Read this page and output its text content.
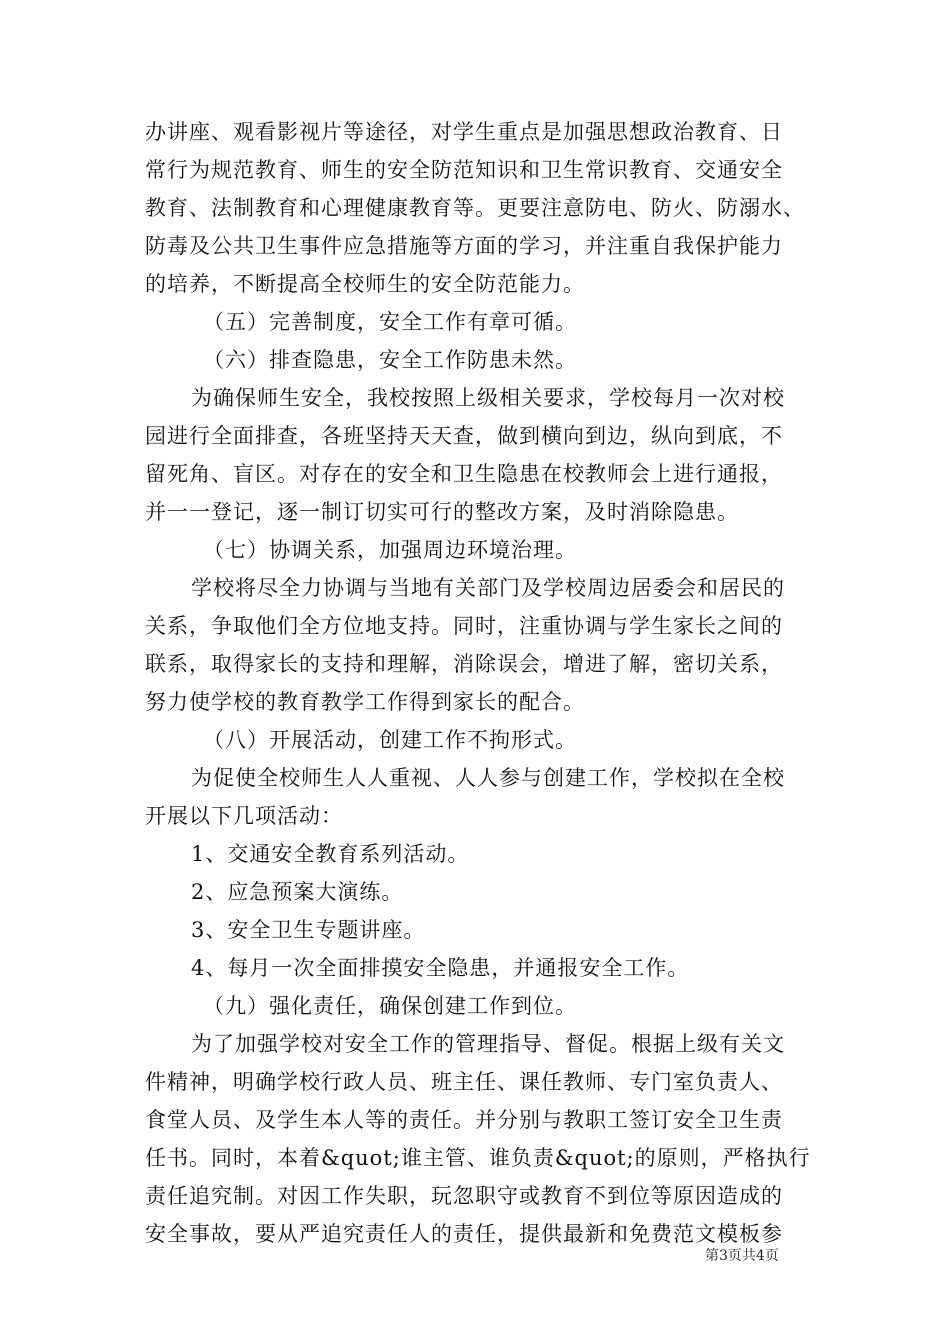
办讲座、观看影视片等途径，对学生重点是加强思想政治教育、日
常行为规范教育、师生的安全防范知识和卫生常识教育、交通安全
教育、法制教育和心理健康教育等。更要注意防电、防火、防溺水、
防毒及公共卫生事件应急措施等方面的学习，并注重自我保护能力
的培养，不断提高全校师生的安全防范能力。
（五）完善制度，安全工作有章可循。
（六）排查隐患，安全工作防患未然。
为确保师生安全，我校按照上级相关要求，学校每月一次对校
园进行全面排查，各班坚持天天查，做到横向到边，纵向到底，不
留死角、盲区。对存在的安全和卫生隐患在校教师会上进行通报，
并一一登记，逐一制订切实可行的整改方案，及时消除隐患。
（七）协调关系，加强周边环境治理。
学校将尽全力协调与当地有关部门及学校周边居委会和居民的
关系，争取他们全方位地支持。同时，注重协调与学生家长之间的
联系，取得家长的支持和理解，消除误会，增进了解，密切关系，
努力使学校的教育教学工作得到家长的配合。
（八）开展活动，创建工作不拘形式。
为促使全校师生人人重视、人人参与创建工作，学校拟在全校
开展以下几项活动：
1、交通安全教育系列活动。
2、应急预案大演练。
3、安全卫生专题讲座。
4、每月一次全面排摸安全隐患，并通报安全工作。
（九）强化责任，确保创建工作到位。
为了加强学校对安全工作的管理指导、督促。根据上级有关文
件精神，明确学校行政人员、班主任、课任教师、专门室负责人、
食堂人员、及学生本人等的责任。并分别与教职工签订安全卫生责
任书。同时，本着&quot;谁主管、谁负责&quot;的原则，严格执行
责任追究制。对因工作失职，玩忽职守或教育不到位等原因造成的
安全事故，要从严追究责任人的责任，提供最新和免费范文模板参
第3页共4页
